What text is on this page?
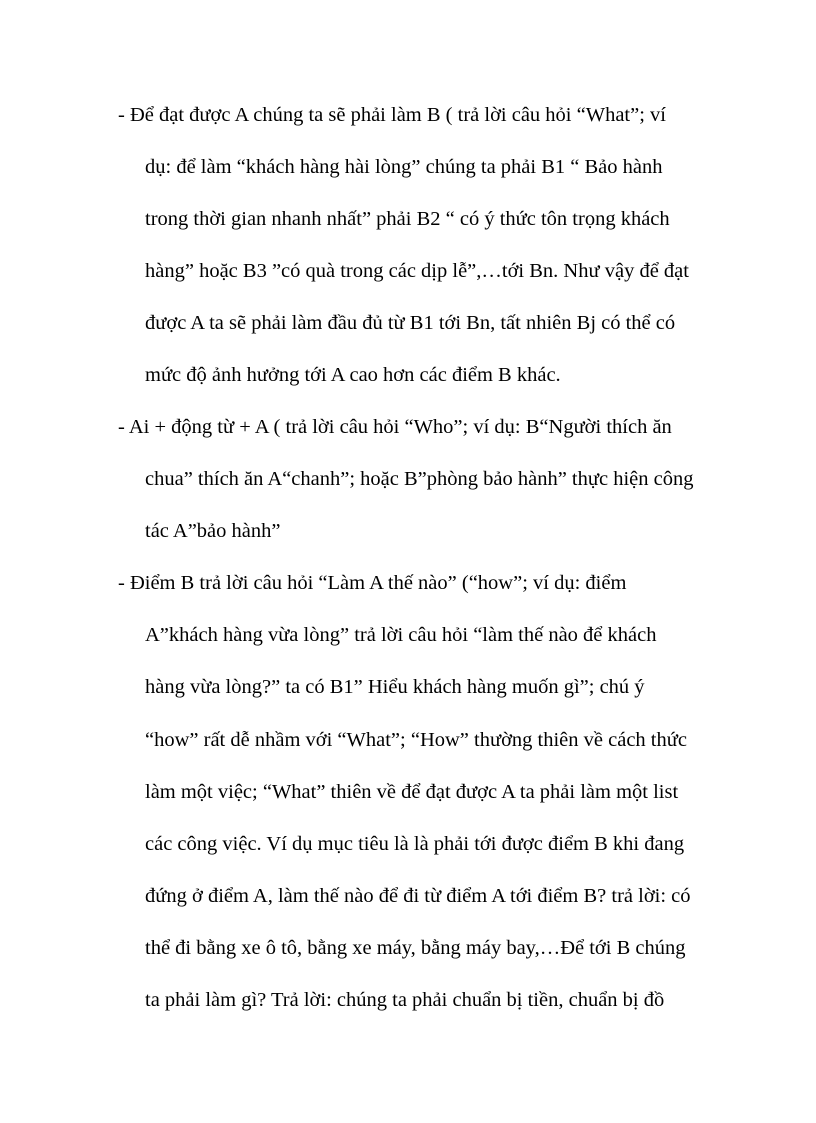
- Để đạt được A chúng ta sẽ phải làm B ( trả lời câu hỏi “What”; ví
dụ: để làm “khách hàng hài lòng” chúng ta phải B1 “ Bảo hành
trong thời gian nhanh nhất” phải B2 “ có ý thức tôn trọng khách
hàng” hoặc B3 ”có quà trong các dịp lễ”,…tới Bn. Như vậy để đạt
được A ta sẽ phải làm đầu đủ từ B1 tới Bn, tất nhiên Bj có thể có
mức độ ảnh hưởng tới A cao hơn các điểm B khác.
- Ai + động từ + A ( trả lời câu hỏi “Who”; ví dụ: B“Người thích ăn
chua” thích ăn A“chanh”; hoặc B”phòng bảo hành” thực hiện công
tác A”bảo hành”
- Điểm B trả lời câu hỏi “Làm A thế nào” (“how”; ví dụ: điểm
A”khách hàng vừa lòng” trả lời câu hỏi “làm thế nào để khách
hàng vừa lòng?” ta có B1” Hiểu khách hàng muốn gì”; chú ý
“how” rất dễ nhầm với “What”; “How” thường thiên về cách thức
làm một việc; “What” thiên về để đạt được A ta phải làm một list
các công việc. Ví dụ mục tiêu là là phải tới được điểm B khi đang
đứng ở điểm A, làm thế nào để đi từ điểm A tới điểm B? trả lời: có
thể đi bằng xe ô tô, bằng xe máy, bằng máy bay,…Để tới B chúng
ta phải làm gì? Trả lời: chúng ta phải chuẩn bị tiền, chuẩn bị đồ
